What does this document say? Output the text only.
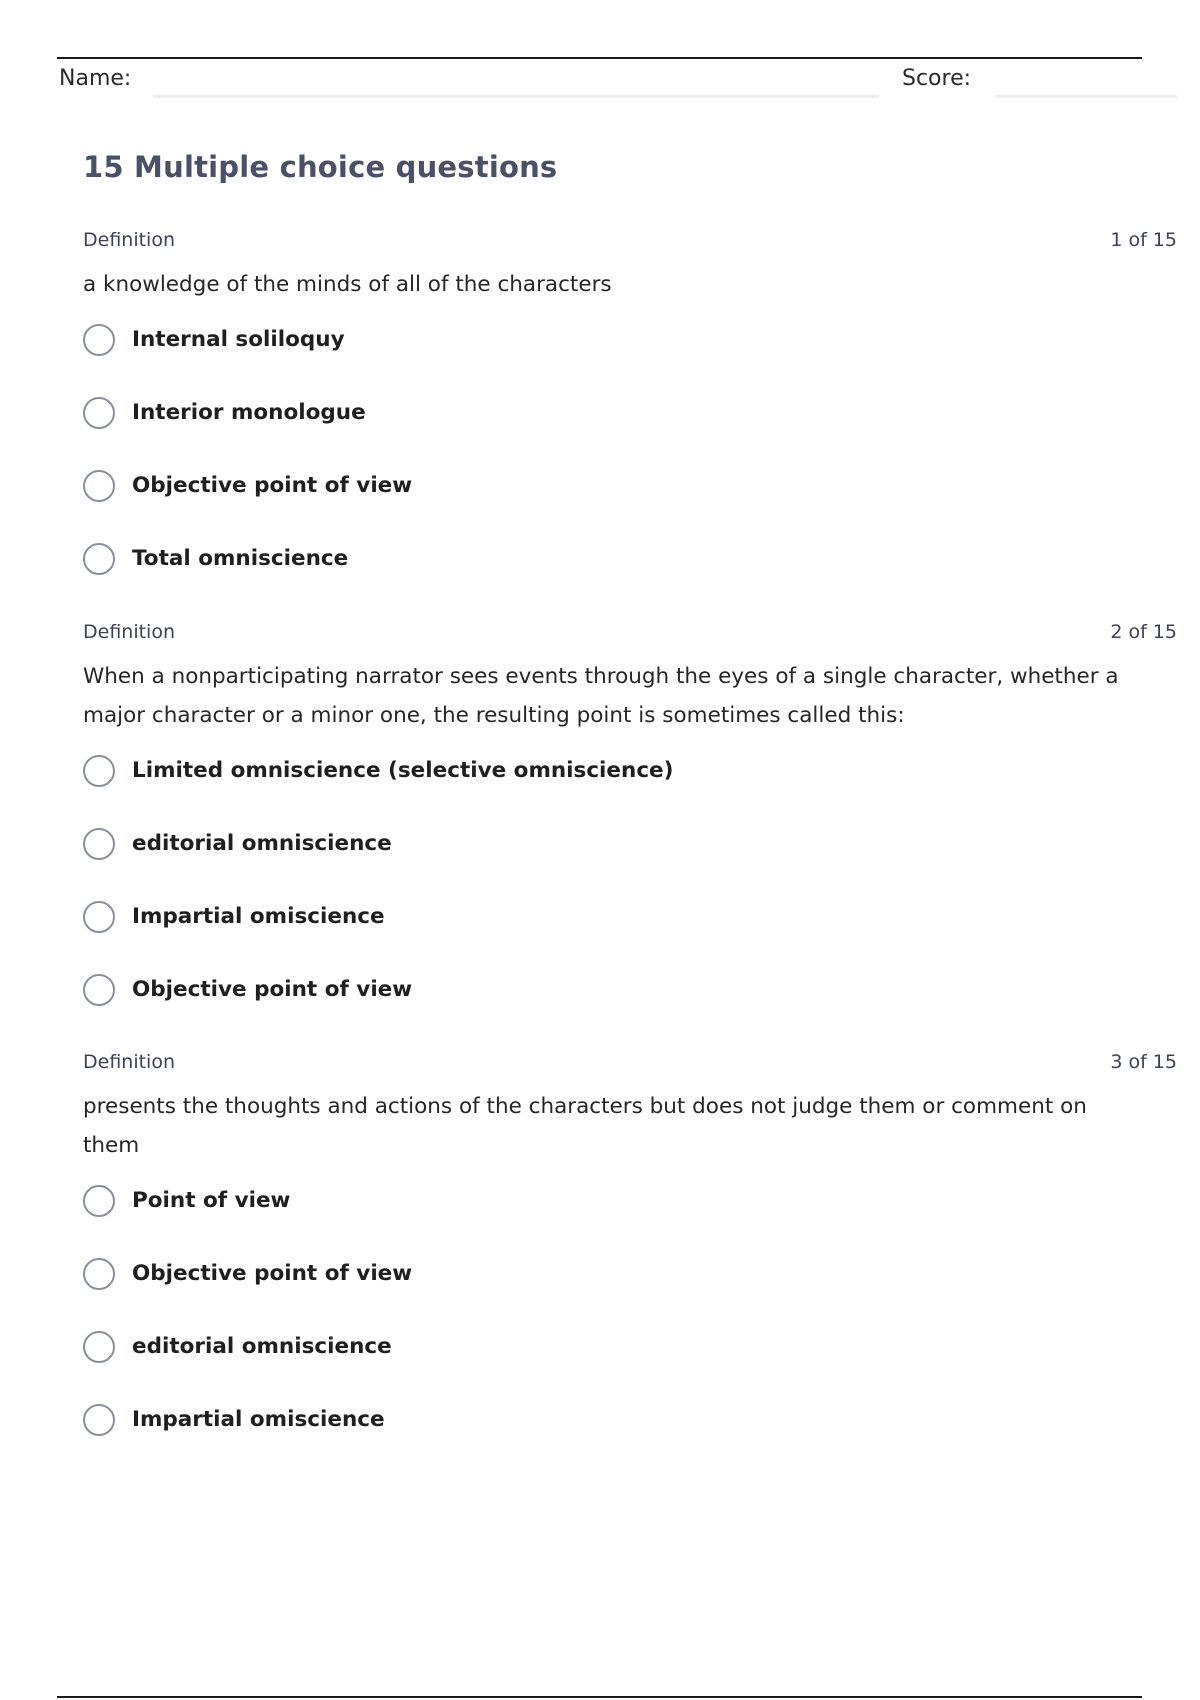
Name:	Score:
15 Multiple choice questions
Definition	1 of 15
a knowledge of the minds of all of the characters
Internal soliloquy
Interior monologue
Objective point of view
Total omniscience
Definition	2 of 15
When a nonparticipating narrator sees events through the eyes of a single character, whether a major character or a minor one, the resulting point is sometimes called this:
Limited omniscience (selective omniscience)
editorial omniscience
Impartial omiscience
Objective point of view
Definition	3 of 15
presents the thoughts and actions of the characters but does not judge them or comment on them
Point of view
Objective point of view
editorial omniscience
Impartial omiscience
